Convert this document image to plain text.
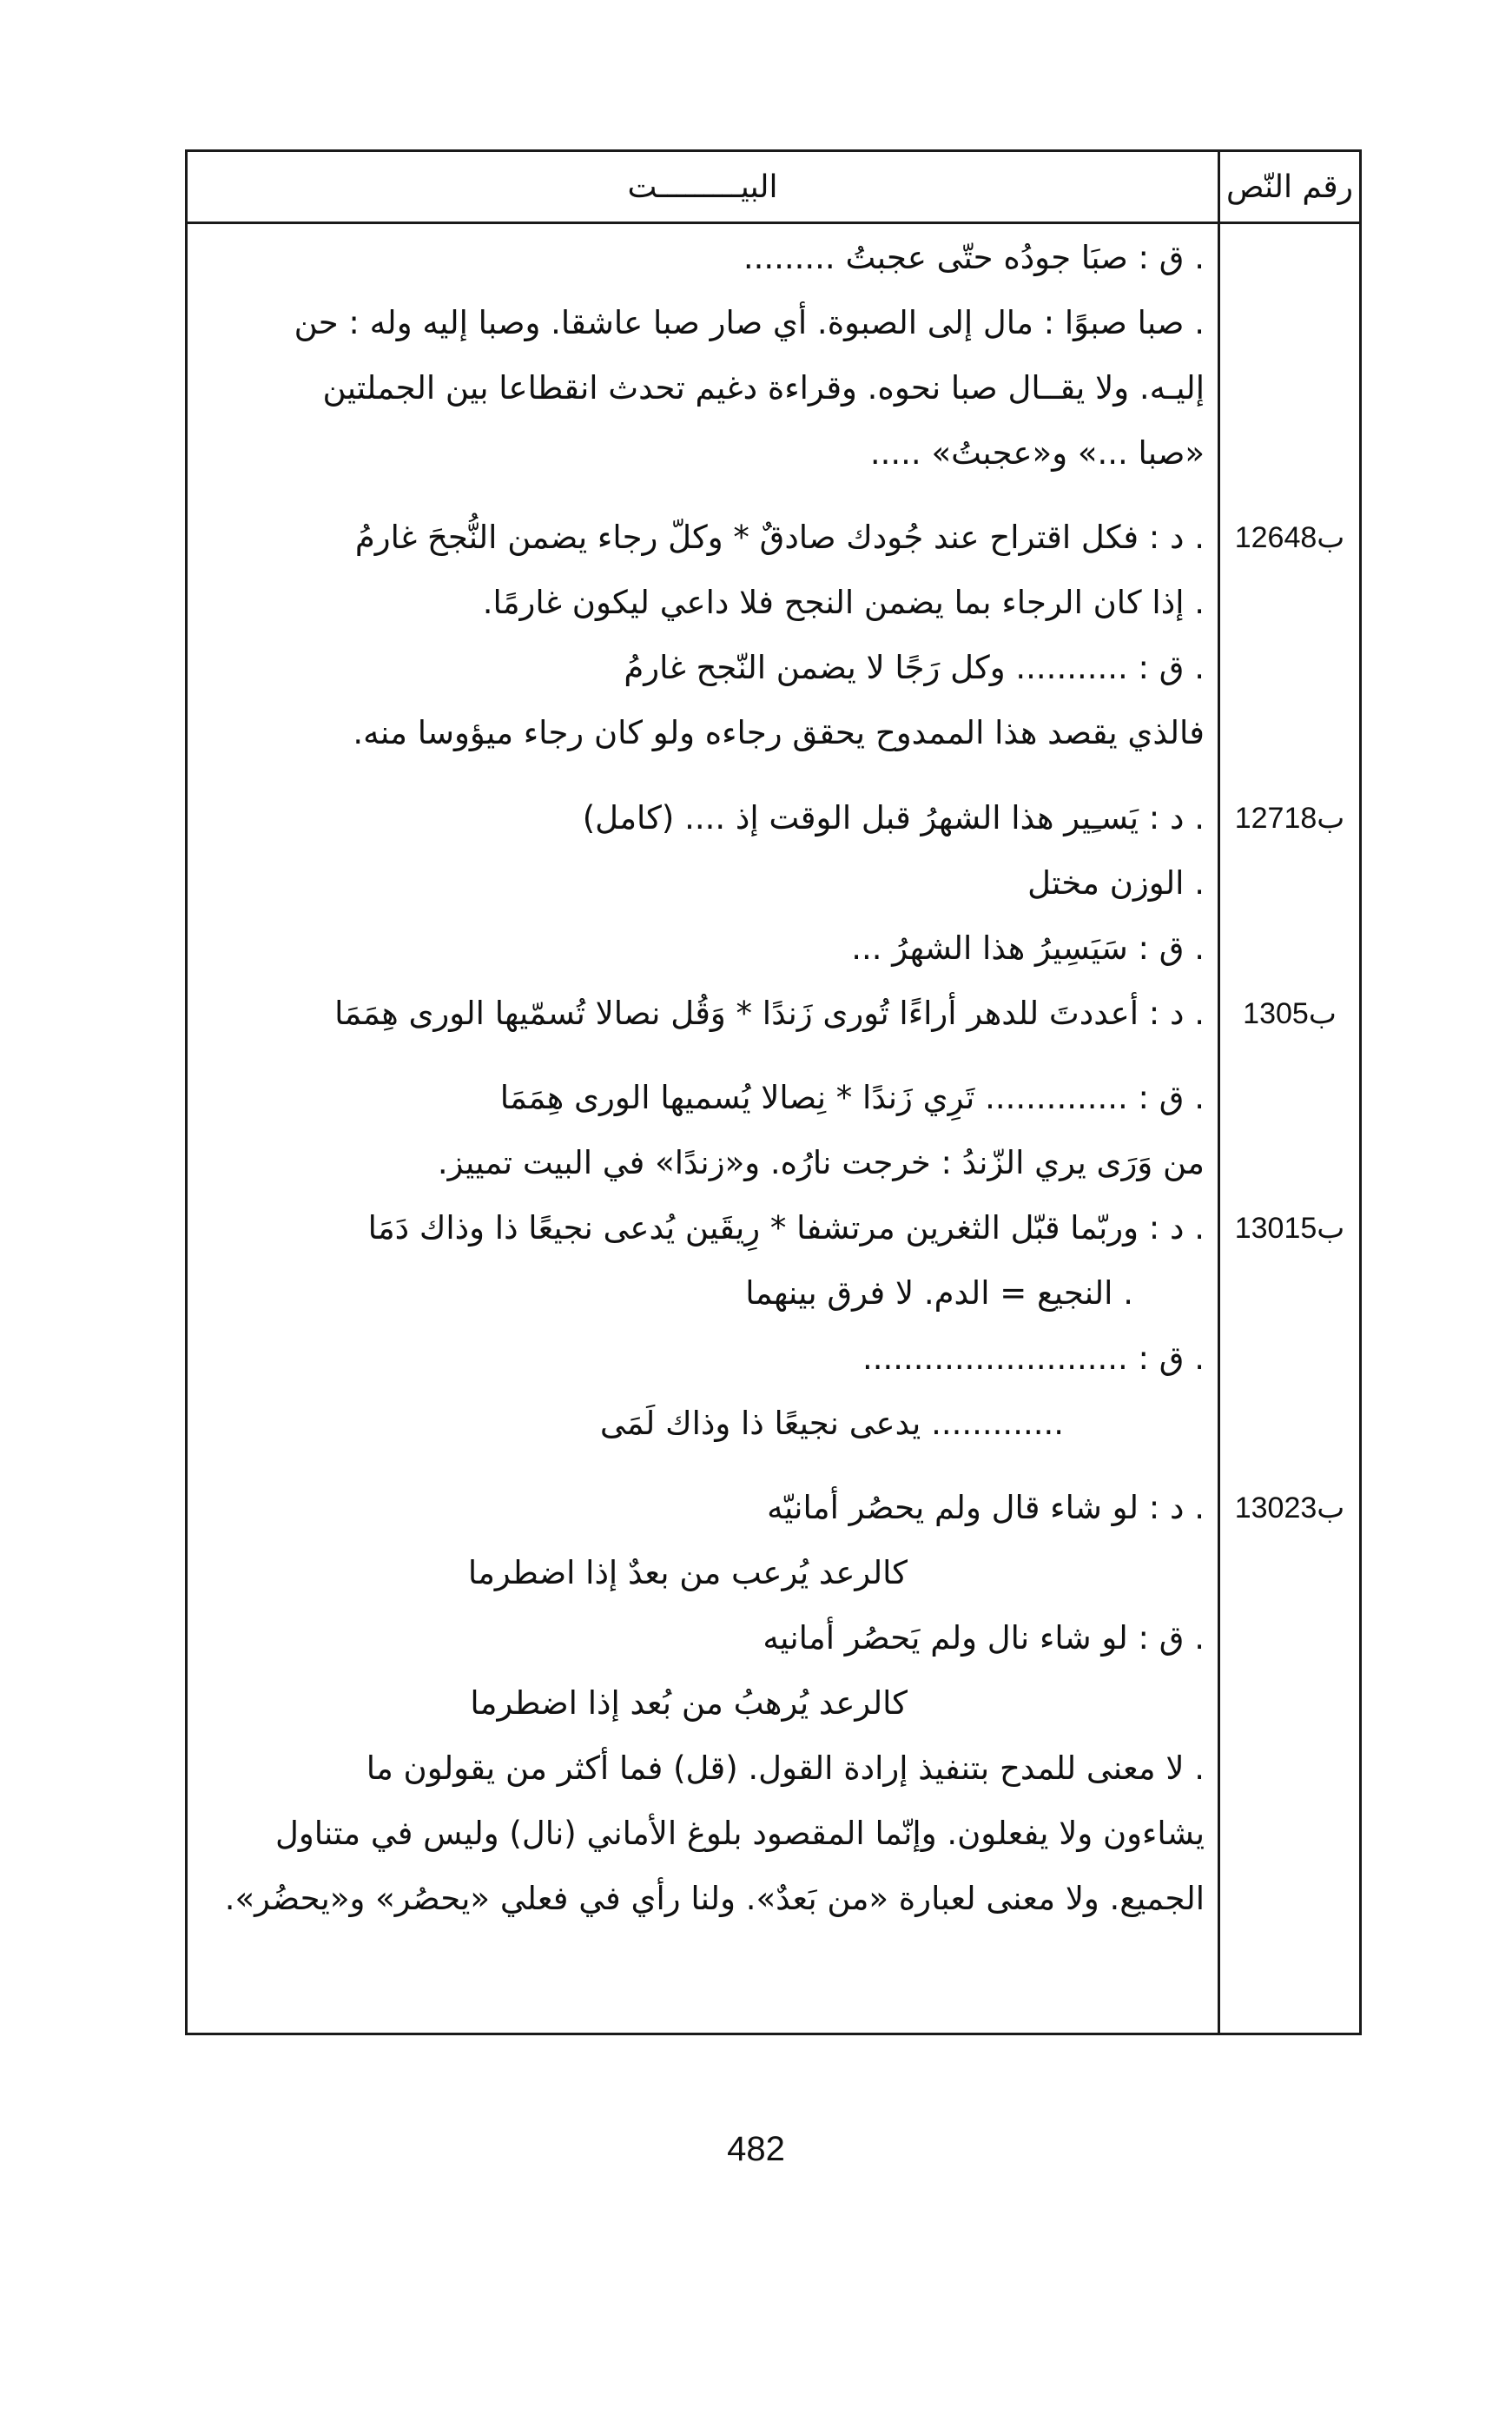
رقم النّص
البيـــــــــت
. ق : صبَا جودُه حتّى عجبتُ .........
. صبا صبوًا : مال إلى الصبوة. أي صار صبا عاشقا. وصبا إليه وله : حن
إليـه. ولا يقــال صبا نحوه. وقراءة دغيم تحدث انقطاعا بين الجملتين
«صبا ...» و«عجبتُ» .....
126ب48
. د : فكل اقتراح عند جُودك صادقٌ * وكلّ رجاء يضمن النُّجحَ غارمُ
. إذا كان الرجاء بما يضمن النجح فلا داعي ليكون غارمًا.
. ق : ........... وكل رَجًا لا يضمن النّجح غارمُ
فالذي يقصد هذا الممدوح يحقق رجاءه ولو كان رجاء ميؤوسا منه.
127ب18
. د : يَسـِير هذا الشهرُ قبل الوقت إذ .... (كامل)
. الوزن مختل
. ق : سَيَسِيرُ هذا الشهرُ ...
130ب5
. د : أعددتَ للدهر أراءًا تُورى زَندًا * وَقُل نصالا تُسمّيها الورى هِمَمَا
. ق : .............. تَرِي زَندًا * نِصالا يُسميها الورى هِمَمَا
من وَرَى يري الزّندُ : خرجت نارُه. و«زندًا» في البيت تمييز.
130ب15
. د : وربّما قبّل الثغرين مرتشفا * رِيقَين يُدعى نجيعًا ذا وذاك دَمَا
. النجيع = الدم. لا فرق بينهما
. ق : ..........................
............. يدعى نجيعًا ذا وذاك لَمَى
130ب23
. د : لو شاء قال ولم يحصُر أمانيّه
كالرعد يُرعب من بعدٌ إذا اضطرما
. ق : لو شاء نال ولم يَحصُر أمانيه
كالرعد يُرهبُ من بُعد إذا اضطرما
. لا معنى للمدح بتنفيذ إرادة القول. (قل) فما أكثر من يقولون ما
يشاءون ولا يفعلون. وإنّما المقصود بلوغ الأماني (نال) وليس في متناول
الجميع. ولا معنى لعبارة «من بَعدٌ». ولنا رأي في فعلي «يحصُر» و«يحضُر».
482
